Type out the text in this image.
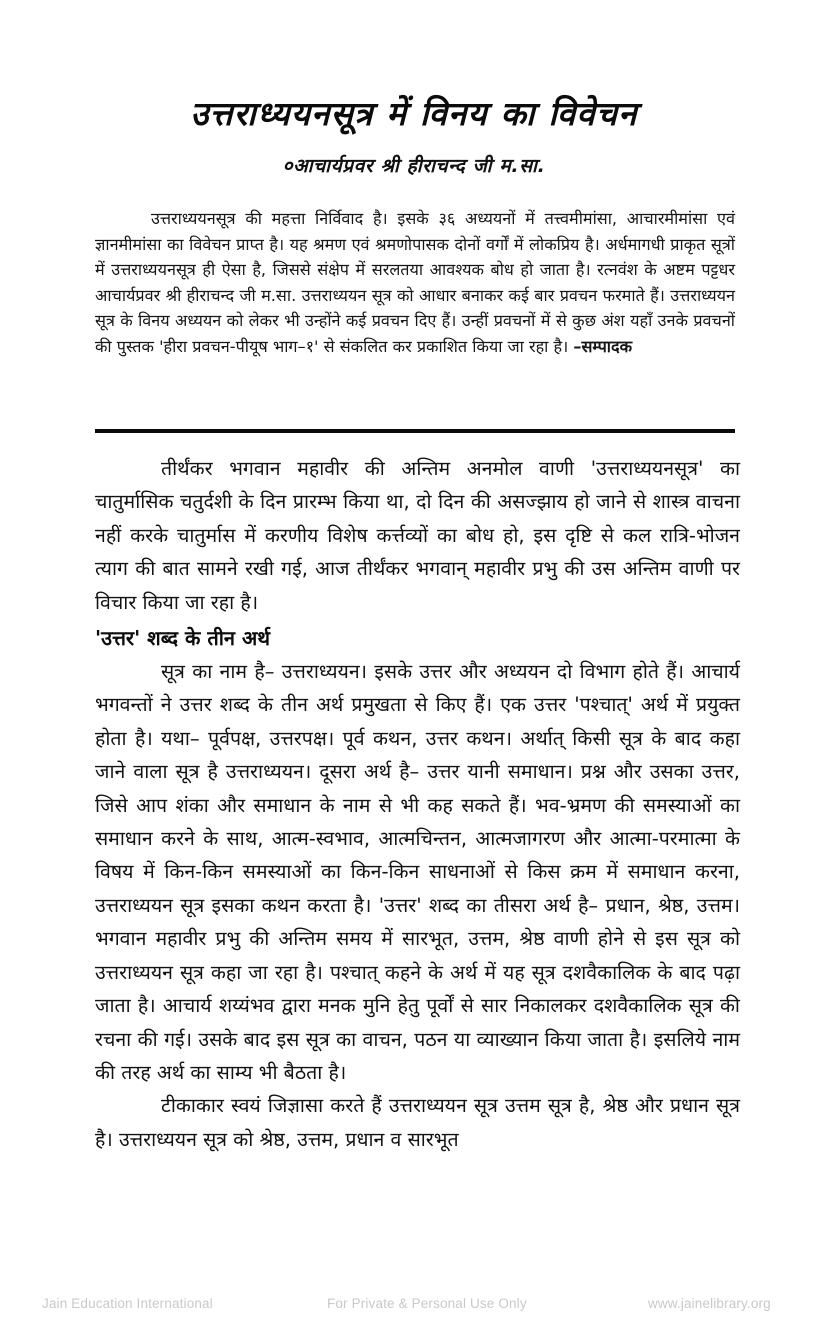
उत्तराध्ययनसूत्र में विनय का विवेचन
०आचार्यप्रवर श्री हीराचन्द जी म.सा.

उत्तराध्ययनसूत्र की महत्ता निर्विवाद है। इसके ३६ अध्ययनों में तत्त्वमीमांसा, आचारमीमांसा एवं ज्ञानमीमांसा का विवेचन प्राप्त है। यह श्रमण एवं श्रमणोपासक दोनों वर्गों में लोकप्रिय है। अर्धमागधी प्राकृत सूत्रों में उत्तराध्ययनसूत्र ही ऐसा है, जिससे संक्षेप में सरलतया आवश्यक बोध हो जाता है। रत्नवंश के अष्टम पट्टधर आचार्यप्रवर श्री हीराचन्द जी म.सा. उत्तराध्ययन सूत्र को आधार बनाकर कई बार प्रवचन फरमाते हैं। उत्तराध्ययन सूत्र के विनय अध्ययन को लेकर भी उन्होंने कई प्रवचन दिए हैं। उन्हीं प्रवचनों में से कुछ अंश यहाँ उनके प्रवचनों की पुस्तक 'हीरा प्रवचन-पीयूष भाग–१' से संकलित कर प्रकाशित किया जा रहा है। –सम्पादक

तीर्थंकर भगवान महावीर की अन्तिम अनमोल वाणी 'उत्तराध्ययनसूत्र' का चातुर्मासिक चतुर्दशी के दिन प्रारम्भ किया था, दो दिन की असज्झाय हो जाने से शास्त्र वाचना नहीं करके चातुर्मास में करणीय विशेष कर्त्तव्यों का बोध हो, इस दृष्टि से कल रात्रि-भोजन त्याग की बात सामने रखी गई, आज तीर्थंकर भगवान् महावीर प्रभु की उस अन्तिम वाणी पर विचार किया जा रहा है।

'उत्तर' शब्द के तीन अर्थ

सूत्र का नाम है– उत्तराध्ययन। इसके उत्तर और अध्ययन दो विभाग होते हैं। आचार्य भगवन्तों ने उत्तर शब्द के तीन अर्थ प्रमुखता से किए हैं। एक उत्तर 'पश्चात्' अर्थ में प्रयुक्त होता है। यथा– पूर्वपक्ष, उत्तरपक्ष। पूर्व कथन, उत्तर कथन। अर्थात् किसी सूत्र के बाद कहा जाने वाला सूत्र है उत्तराध्ययन। दूसरा अर्थ है– उत्तर यानी समाधान। प्रश्न और उसका उत्तर, जिसे आप शंका और समाधान के नाम से भी कह सकते हैं। भव-भ्रमण की समस्याओं का समाधान करने के साथ, आत्म-स्वभाव, आत्मचिन्तन, आत्मजागरण और आत्मा-परमात्मा के विषय में किन-किन समस्याओं का किन-किन साधनाओं से किस क्रम में समाधान करना, उत्तराध्ययन सूत्र इसका कथन करता है। 'उत्तर' शब्द का तीसरा अर्थ है– प्रधान, श्रेष्ठ, उत्तम। भगवान महावीर प्रभु की अन्तिम समय में सारभूत, उत्तम, श्रेष्ठ वाणी होने से इस सूत्र को उत्तराध्ययन सूत्र कहा जा रहा है। पश्चात् कहने के अर्थ में यह सूत्र दशवैकालिक के बाद पढ़ा जाता है। आचार्य शय्यंभव द्वारा मनक मुनि हेतु पूर्वों से सार निकालकर दशवैकालिक सूत्र की रचना की गई। उसके बाद इस सूत्र का वाचन, पठन या व्याख्यान किया जाता है। इसलिये नाम की तरह अर्थ का साम्य भी बैठता है।

टीकाकार स्वयं जिज्ञासा करते हैं उत्तराध्ययन सूत्र उत्तम सूत्र है, श्रेष्ठ और प्रधान सूत्र है। उत्तराध्ययन सूत्र को श्रेष्ठ, उत्तम, प्रधान व सारभूत

Jain Education International	For Private & Personal Use Only	www.jainelibrary.org
